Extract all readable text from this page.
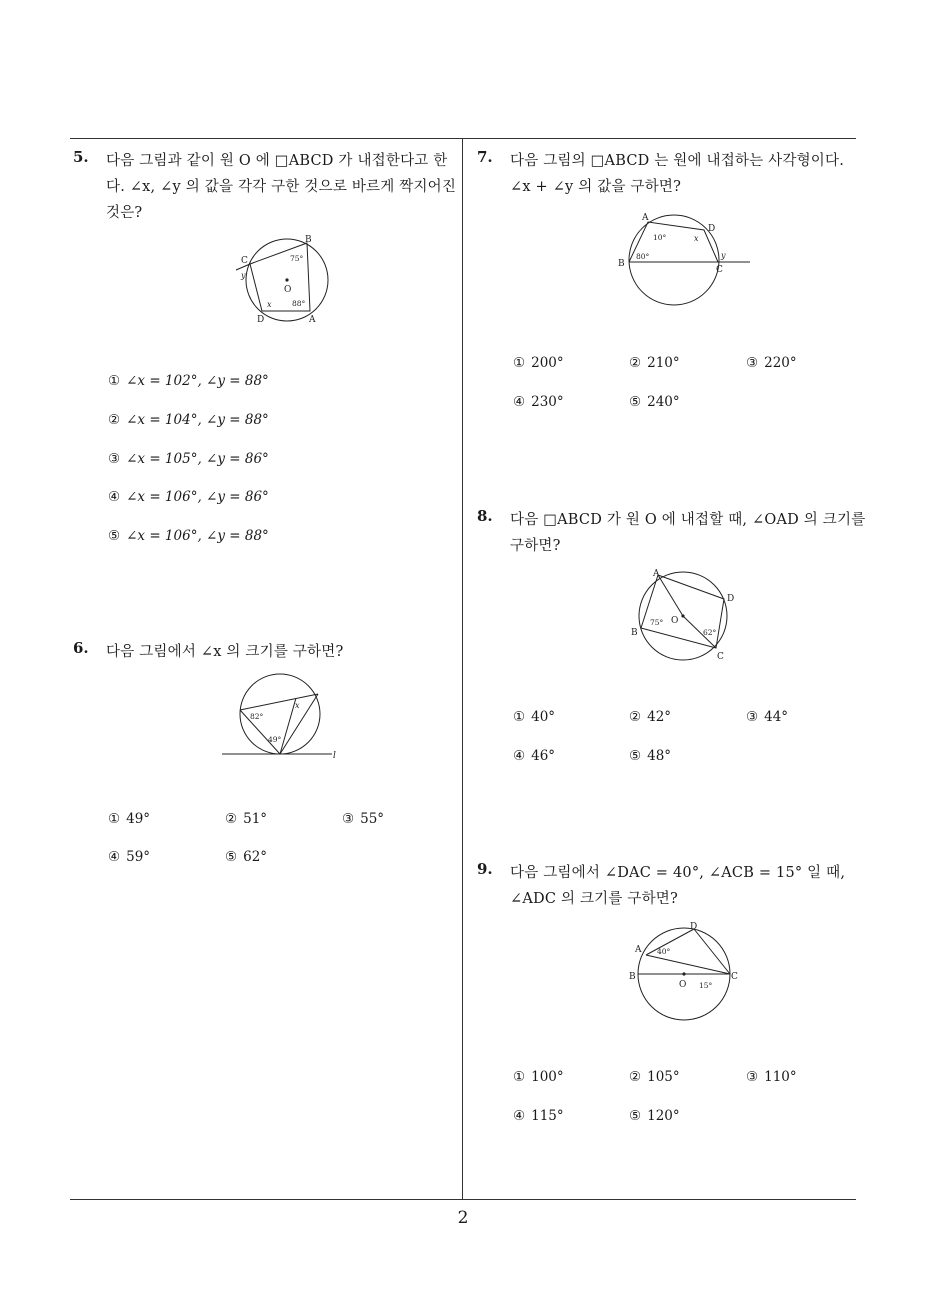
5. 다음 그림과 같이 원 O 에 □ABCD 가 내접한다고 한
다. ∠x, ∠y 의 값을 각각 구한 것으로 바르게 짝지어진
것은?
B
C
y
O
75°
x	88°
D	A
① ∠x = 102°, ∠y = 88°
② ∠x = 104°, ∠y = 88°
③ ∠x = 105°, ∠y = 86°
④ ∠x = 106°, ∠y = 86°
⑤ ∠x = 106°, ∠y = 88°
6. 다음 그림에서 ∠x 의 크기를 구하면?
x
82°
49°
l
① 49°	② 51°	③ 55°
④ 59°	⑤ 62°
7. 다음 그림의 □ABCD 는 원에 내접하는 사각형이다.
∠x + ∠y 의 값을 구하면?
A
D
B
C
10°	x
80°	y
① 200°	② 210°	③ 220°
④ 230°	⑤ 240°
8. 다음 □ABCD 가 원 O 에 내접할 때, ∠OAD 의 크기를
구하면?
A
D
O
75°
B	62°
C
① 40°	② 42°	③ 44°
④ 46°	⑤ 48°
9. 다음 그림에서 ∠DAC = 40°, ∠ACB = 15° 일 때,
∠ADC 의 크기를 구하면?
D
A 40°
B	C
O 15°
① 100°	② 105°	③ 110°
④ 115°	⑤ 120°
2
